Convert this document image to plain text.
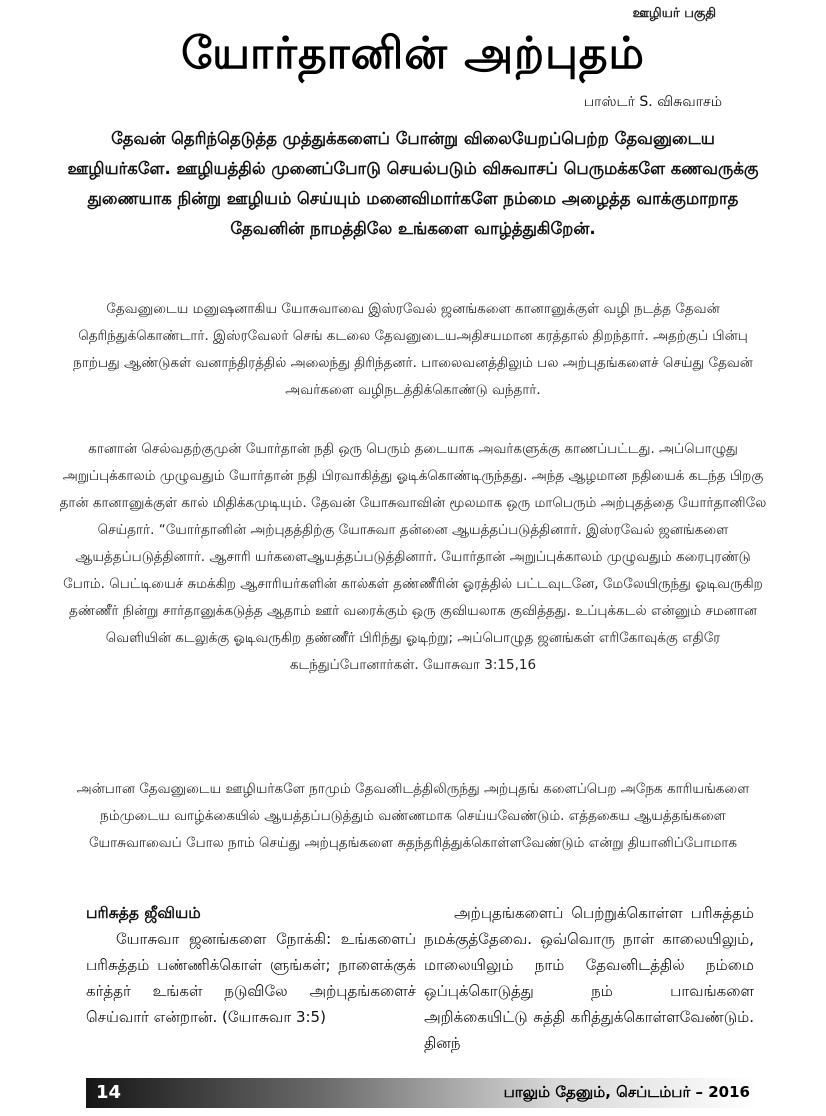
ஊழியர் பகுதி
யோர்தானின் அற்புதம்
பாஸ்டர் S. விசுவாசம்

தேவன் தெரிந்தெடுத்த முத்துக்களைப் போன்று விலையேறப்பெற்ற தேவனுடைய ஊழியர்களே. ஊழியத்தில் முனைப்போடு செயல்படும் விசுவாசப் பெருமக்களே கணவருக்கு துணையாக நின்று ஊழியம் செய்யும் மனைவிமார்களே நம்மை அழைத்த வாக்குமாறாத தேவனின் நாமத்திலே உங்களை வாழ்த்துகிறேன்.

தேவனுடைய மனுஷனாகிய யோசுவாவை இஸ்ரவேல் ஜனங்களை கானானுக்குள் வழி நடத்த தேவன் தெரிந்துக்கொண்டார். இஸ்ரவேலர் செங் கடலை தேவனுடையஅதிசயமான கரத்தால் திறந்தார். அதற்குப் பின்பு நாற்பது ஆண்டுகள் வனாந்திரத்தில் அலைந்து திரிந்தனர். பாலைவனத்திலும் பல அற்புதங்களைச் செய்து தேவன் அவர்களை வழிநடத்திக்கொண்டு வந்தார்.

கானான் செல்வதற்குமுன் யோர்தான் நதி ஒரு பெரும் தடையாக அவர்களுக்கு காணப்பட்டது. அப்பொழுது அறுப்புக்காலம் முழுவதும் யோர்தான் நதி பிரவாகித்து ஓடிக்கொண்டிருந்தது. அந்த ஆழமான நதியைக் கடந்த பிறகு தான் கானானுக்குள் கால் மிதிக்கமுடியும். தேவன் யோசுவாவின் மூலமாக ஒரு மாபெரும் அற்புதத்தை யோர்தானிலே செய்தார். “யோர்தானின் அற்புதத்திற்கு யோசுவா தன்னை ஆயத்தப்படுத்தினார். இஸ்ரவேல் ஜனங்களை ஆயத்தப்படுத்தினார். ஆசாரி யர்களைஆயத்தப்படுத்தினார். யோர்தான் அறுப்புக்காலம் முழுவதும் கரைபுரண்டு போம். பெட்டியைச் சுமக்கிற ஆசாரியர்களின் கால்கள் தண்ணீரின் ஓரத்தில் பட்டவுடனே, மேலேயிருந்து ஓடிவருகிற தண்ணீர் நின்று சார்தானுக்கடுத்த ஆதாம் ஊர் வரைக்கும் ஒரு குவியலாக குவித்தது. உப்புக்கடல் என்னும் சமனான வெளியின் கடலுக்கு ஓடிவருகிற தண்ணீர் பிரிந்து ஓடிற்று; அப்பொழுத ஜனங்கள் எரிகோவுக்கு எதிரே கடந்துப்போனார்கள். யோசுவா 3:15,16

அன்பான தேவனுடைய ஊழியர்களே நாமும் தேவனிடத்திலிருந்து அற்புதங் களைப்பெற அநேக காரியங்களை நம்முடைய வாழ்க்கையில் ஆயத்தப்படுத்தும் வண்ணமாக செய்யவேண்டும். எத்தகைய ஆயத்தங்களை யோசுவாவைப் போல நாம் செய்து அற்புதங்களை சுதந்தரித்துக்கொள்ளவேண்டும் என்று தியானிப்போமாக

பரிசுத்த ஜீவியம்

யோசுவா ஜனங்களை நோக்கி: உங்களைப் பரிசுத்தம் பண்ணிக்கொள் ளுங்கள்; நாளைக்குக் கர்த்தர் உங்கள் நடுவிலே அற்புதங்களைச் செய்வார் என்றான். (யோசுவா 3:5)

அற்புதங்களைப் பெற்றுக்கொள்ள பரிசுத்தம் நமக்குத்தேவை. ஒவ்வொரு நாள் காலையிலும், மாலையிலும் நாம் தேவனிடத்தில் நம்மை ஒப்புக்கொடுத்து நம் பாவங்களை அறிக்கையிட்டு சுத்தி கரித்துக்கொள்ளவேண்டும். தினந்

14	பாலும் தேனும், செப்டம்பர் – 2016
